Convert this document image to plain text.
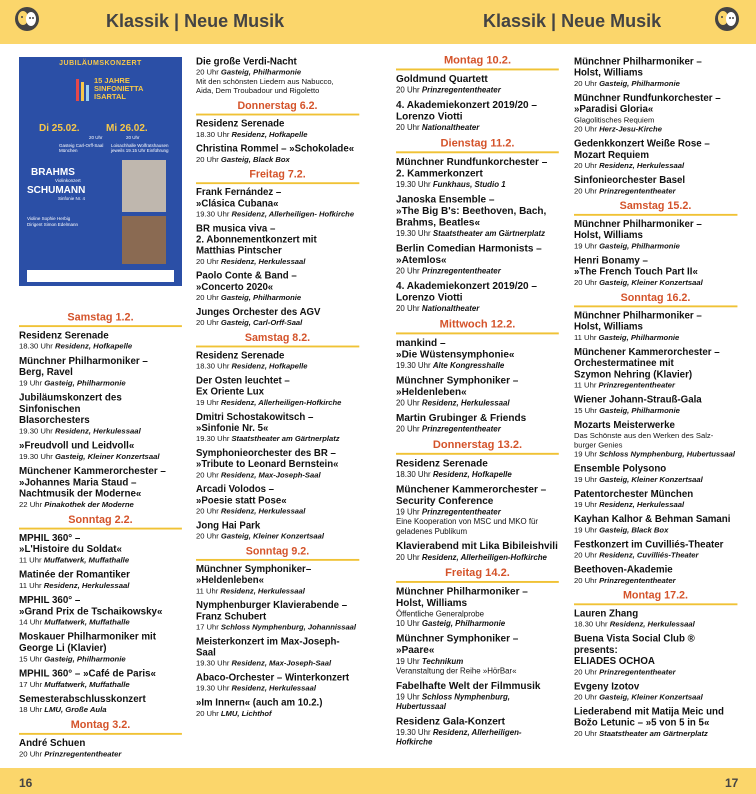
Klassik | Neue Musik	Klassik | Neue Musik
JUBILÄUMSKONZERT
15 JAHRE
SINFONIETTA
ISARTAL
Di 25.02.	Mi 26.02.
20 Uhr	20 Uhr
Gasteig Carl-Orff-Saal
München
Loisachhalle Wolfratshausen
jeweils 19.15 Uhr Einführung
BRAHMS
Violinkonzert
SCHUMANN
Sinfonie Nr. 4
Violine Sophie Herbig
Dirigent Simon Edelmann
Samstag 1.2.
Residenz Serenade
18.30 Uhr Residenz, Hofkapelle
Münchner Philharmoniker –
Berg, Ravel
19 Uhr Gasteig, Philharmonie
Jubiläumskonzert des Sinfonischen
Blasorchesters
19.30 Uhr Residenz, Herkulessaal
»Freudvoll und Leidvoll«
19.30 Uhr Gasteig, Kleiner Konzertsaal
Münchener Kammerorchester –
»Johannes Maria Staud –
Nachtmusik der Moderne«
22 Uhr Pinakothek der Moderne
Sonntag 2.2.
MPHIL 360° –
»L'Histoire du Soldat«
11 Uhr Muffatwerk, Muffathalle
Matinée der Romantiker
11 Uhr Residenz, Herkulessaal
MPHIL 360° –
»Grand Prix de Tschaikowsky«
14 Uhr Muffatwerk, Muffathalle
Moskauer Philharmoniker mit
George Li (Klavier)
15 Uhr Gasteig, Philharmonie
MPHIL 360° – »Café de Paris«
17 Uhr Muffatwerk, Muffathalle
Semesterabschlusskonzert
18 Uhr LMU, Große Aula
Montag 3.2.
André Schuen
20 Uhr Prinzregententheater
Die große Verdi-Nacht
20 Uhr Gasteig, Philharmonie
Mit den schönsten Liedern aus Nabucco,
Aida, Dem Troubadour und Rigoletto
Donnerstag 6.2.
Residenz Serenade
18.30 Uhr Residenz, Hofkapelle
Christina Rommel – »Schokolade«
20 Uhr Gasteig, Black Box
Freitag 7.2.
Frank Fernández –
»Clásica Cubana«
19.30 Uhr Residenz, Allerheiligen- Hofkirche
BR musica viva –
2. Abonnementkonzert mit
Matthias Pintscher
20 Uhr Residenz, Herkulessaal
Paolo Conte & Band –
»Concerto 2020«
20 Uhr Gasteig, Philharmonie
Junges Orchester des AGV
20 Uhr Gasteig, Carl-Orff-Saal
Samstag 8.2.
Residenz Serenade
18.30 Uhr Residenz, Hofkapelle
Der Osten leuchtet –
Ex Oriente Lux
19 Uhr Residenz, Allerheiligen-Hofkirche
Dmitri Schostakowitsch –
»Sinfonie Nr. 5«
19.30 Uhr Staatstheater am Gärtnerplatz
Symphonieorchester des BR –
»Tribute to Leonard Bernstein«
20 Uhr Residenz, Max-Joseph-Saal
Arcadi Volodos –
»Poesie statt Pose«
20 Uhr Residenz, Herkulessaal
Jong Hai Park
20 Uhr Gasteig, Kleiner Konzertsaal
Sonntag 9.2.
Münchner Symphoniker–
»Heldenleben«
11 Uhr Residenz, Herkulessaal
Nymphenburger Klavierabende –
Franz Schubert
17 Uhr Schloss Nymphenburg, Johannissaal
Meisterkonzert im Max-Joseph-Saal
19.30 Uhr Residenz, Max-Joseph-Saal
Abaco-Orchester – Winterkonzert
19.30 Uhr Residenz, Herkulessaal
»Im Innern« (auch am 10.2.)
20 Uhr LMU, Lichthof
Montag 10.2.
Goldmund Quartett
20 Uhr Prinzregententheater
4. Akademiekonzert 2019/20 –
Lorenzo Viotti
20 Uhr Nationaltheater
Dienstag 11.2.
Münchner Rundfunkorchester –
2. Kammerkonzert
19.30 Uhr Funkhaus, Studio 1
Janoska Ensemble –
»The Big B's: Beethoven, Bach,
Brahms, Beatles«
19.30 Uhr Staatstheater am Gärtnerplatz
Berlin Comedian Harmonists –
»Atemlos«
20 Uhr Prinzregententheater
4. Akademiekonzert 2019/20 –
Lorenzo Viotti
20 Uhr Nationaltheater
Mittwoch 12.2.
mankind –
»Die Wüstensymphonie«
19.30 Uhr Alte Kongresshalle
Münchner Symphoniker –
»Heldenleben«
20 Uhr Residenz, Herkulessaal
Martin Grubinger & Friends
20 Uhr Prinzregententheater
Donnerstag 13.2.
Residenz Serenade
18.30 Uhr Residenz, Hofkapelle
Münchener Kammerorchester –
Security Conference
19 Uhr Prinzregententheater
Eine Kooperation von MSC und MKO für
geladenes Publikum
Klavierabend mit Lika Bibileishvili
20 Uhr Residenz, Allerheiligen-Hofkirche
Freitag 14.2.
Münchner Philharmoniker –
Holst, Williams
Öffentliche Generalprobe
10 Uhr Gasteig, Philharmonie
Münchner Symphoniker –
»Paare«
19 Uhr Technikum
Veranstaltung der Reihe »HörBar«
Fabelhafte Welt der Filmmusik
19 Uhr Schloss Nymphenburg, Hubertussaal
Residenz Gala-Konzert
19.30 Uhr Residenz, Allerheiligen- Hofkirche
Münchner Philharmoniker –
Holst, Williams
20 Uhr Gasteig, Philharmonie
Münchner Rundfunkorchester –
»Paradisi Gloria«
Glagolitisches Requiem
20 Uhr Herz-Jesu-Kirche
Gedenkkonzert Weiße Rose –
Mozart Requiem
20 Uhr Residenz, Herkulessaal
Sinfonieorchester Basel
20 Uhr Prinzregententheater
Samstag 15.2.
Münchner Philharmoniker –
Holst, Williams
19 Uhr Gasteig, Philharmonie
Henri Bonamy –
»The French Touch Part II«
20 Uhr Gasteig, Kleiner Konzertsaal
Sonntag 16.2.
Münchner Philharmoniker –
Holst, Williams
11 Uhr Gasteig, Philharmonie
Münchener Kammerorchester –
Orchestermatinee mit
Szymon Nehring (Klavier)
11 Uhr Prinzregententheater
Wiener Johann-Strauß-Gala
15 Uhr Gasteig, Philharmonie
Mozarts Meisterwerke
Das Schönste aus den Werken des Salz-
burger Genies
19 Uhr Schloss Nymphenburg, Hubertussaal
Ensemble Polysono
19 Uhr Gasteig, Kleiner Konzertsaal
Patentorchester München
19 Uhr Residenz, Herkulessaal
Kayhan Kalhor & Behman Samani
19 Uhr Gasteig, Black Box
Festkonzert im Cuvilliés-Theater
20 Uhr Residenz, Cuvilliés-Theater
Beethoven-Akademie
20 Uhr Prinzregententheater
Montag 17.2.
Lauren Zhang
18.30 Uhr Residenz, Herkulessaal
Buena Vista Social Club ® presents:
ELIADES OCHOA
20 Uhr Prinzregententheater
Evgeny Izotov
20 Uhr Gasteig, Kleiner Konzertsaal
Liederabend mit Matija Meic und
Božo Letunic – »5 von 5 in 5«
20 Uhr Staatstheater am Gärtnerplatz
16	17
